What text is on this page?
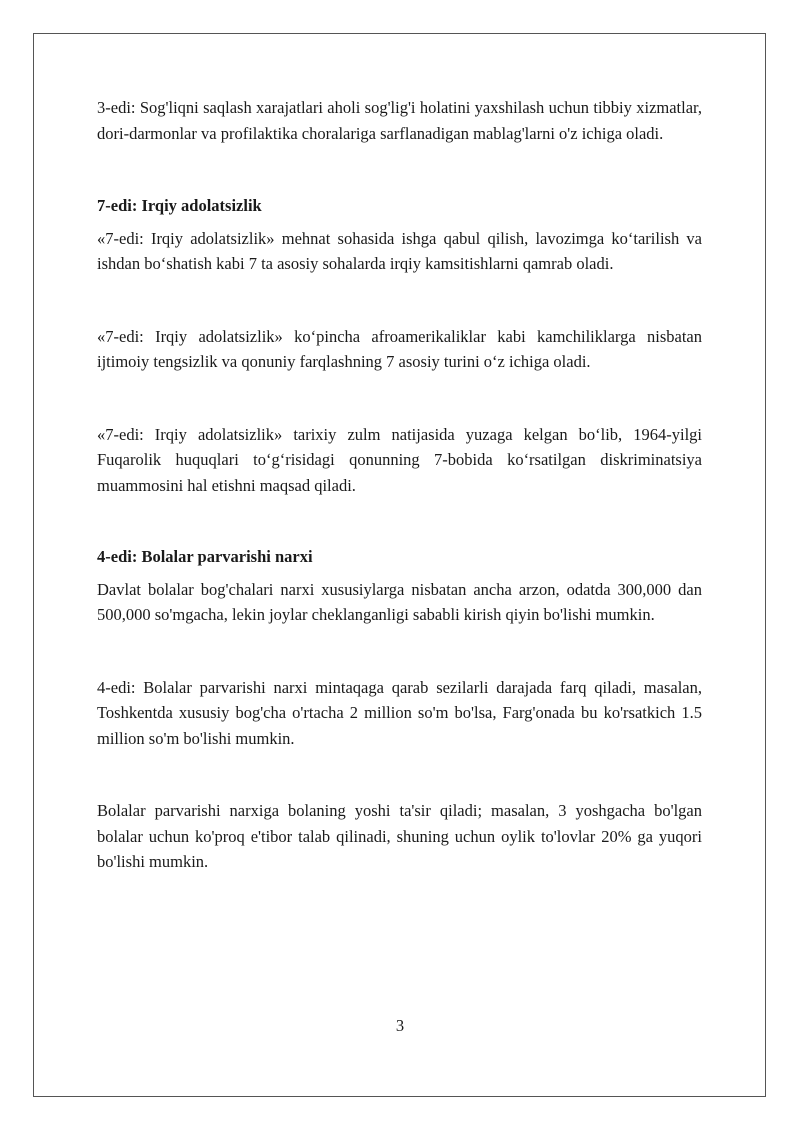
3-edi: Sog'liqni saqlash xarajatlari aholi sog'lig'i holatini yaxshilash uchun tibbiy xizmatlar, dori-darmonlar va profilaktika choralariga sarflanadigan mablag'larni o'z ichiga oladi.

7-edi: Irqiy adolatsizlik

«7-edi: Irqiy adolatsizlik» mehnat sohasida ishga qabul qilish, lavozimga ko‘tarilish va ishdan bo‘shatish kabi 7 ta asosiy sohalarda irqiy kamsitishlarni qamrab oladi.

«7-edi: Irqiy adolatsizlik» ko‘pincha afroamerikaliklar kabi kamchiliklarga nisbatan ijtimoiy tengsizlik va qonuniy farqlashning 7 asosiy turini o‘z ichiga oladi.

«7-edi: Irqiy adolatsizlik» tarixiy zulm natijasida yuzaga kelgan bo‘lib, 1964-yilgi Fuqarolik huquqlari to‘g‘risidagi qonunning 7-bobida ko‘rsatilgan diskriminatsiya muammosini hal etishni maqsad qiladi.

4-edi: Bolalar parvarishi narxi

Davlat bolalar bog'chalari narxi xususiylarga nisbatan ancha arzon, odatda 300,000 dan 500,000 so'mgacha, lekin joylar cheklanganligi sababli kirish qiyin bo'lishi mumkin.

4-edi: Bolalar parvarishi narxi mintaqaga qarab sezilarli darajada farq qiladi, masalan, Toshkentda xususiy bog'cha o'rtacha 2 million so'm bo'lsa, Farg'onada bu ko'rsatkich 1.5 million so'm bo'lishi mumkin.

Bolalar parvarishi narxiga bolaning yoshi ta'sir qiladi; masalan, 3 yoshgacha bo'lgan bolalar uchun ko'proq e'tibor talab qilinadi, shuning uchun oylik to'lovlar 20% ga yuqori bo'lishi mumkin.

3
